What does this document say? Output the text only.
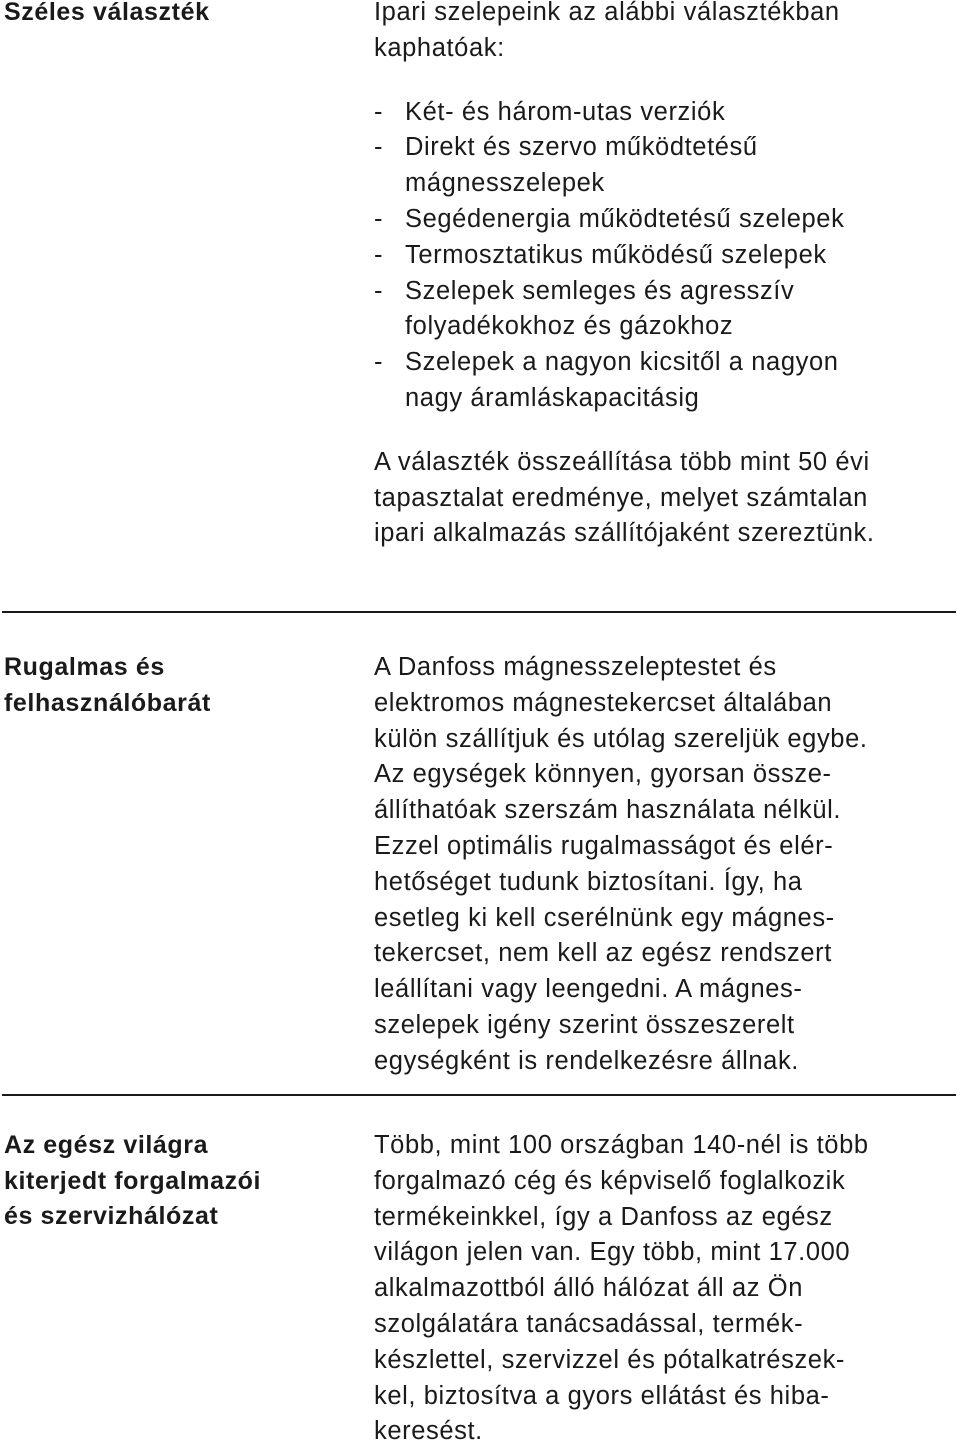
Széles választék	Ipari szelepeink az alábbi választékban
kaphatóak:
- Két- és három-utas verziók
- Direkt és szervo működtetésű
mágnesszelepek
- Segédenergia működtetésű szelepek
- Termosztatikus működésű szelepek
- Szelepek semleges és agresszív
folyadékokhoz és gázokhoz
- Szelepek a nagyon kicsitől a nagyon
nagy áramláskapacitásig
A választék összeállítása több mint 50 évi
tapasztalat eredménye, melyet számtalan
ipari alkalmazás szállítójaként szereztünk.
Rugalmas és
felhasználóbarát
A Danfoss mágnesszeleptestet és
elektromos mágnestekercset általában
külön szállítjuk és utólag szereljük egybe.
Az egységek könnyen, gyorsan össze-
állíthatóak szerszám használata nélkül.
Ezzel optimális rugalmasságot és elér-
hetőséget tudunk biztosítani. Így, ha
esetleg ki kell cserélnünk egy mágnes-
tekercset, nem kell az egész rendszert
leállítani vagy leengedni. A mágnes-
szelepek igény szerint összeszerelt
egységként is rendelkezésre állnak.
Az egész világra
kiterjedt forgalmazói
és szervizhálózat
Több, mint 100 országban 140-nél is több
forgalmazó cég és képviselő foglalkozik
termékeinkkel, így a Danfoss az egész
világon jelen van. Egy több, mint 17.000
alkalmazottból álló hálózat áll az Ön
szolgálatára tanácsadással, termék-
készlettel, szervizzel és pótalkatrészek-
kel, biztosítva a gyors ellátást és hiba-
keresést.
